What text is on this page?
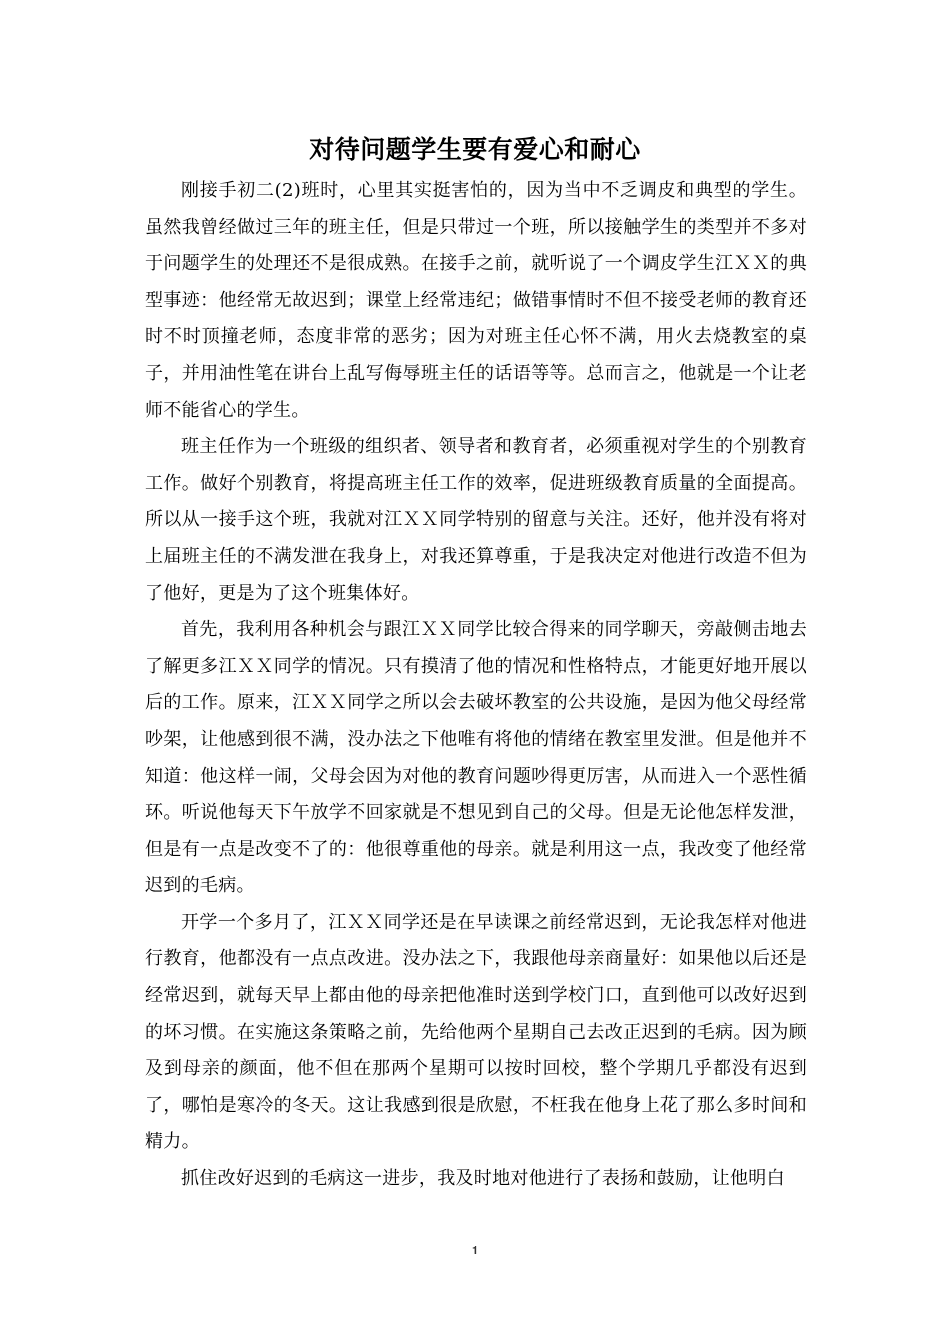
对待问题学生要有爱心和耐心

刚接手初二(2)班时，心里其实挺害怕的，因为当中不乏调皮和典型的学生。虽然我曾经做过三年的班主任，但是只带过一个班，所以接触学生的类型并不多对于问题学生的处理还不是很成熟。在接手之前，就听说了一个调皮学生江ＸＸ的典型事迹：他经常无故迟到；课堂上经常违纪；做错事情时不但不接受老师的教育还时不时顶撞老师，态度非常的恶劣；因为对班主任心怀不满，用火去烧教室的桌子，并用油性笔在讲台上乱写侮辱班主任的话语等等。总而言之，他就是一个让老师不能省心的学生。

班主任作为一个班级的组织者、领导者和教育者，必须重视对学生的个别教育工作。做好个别教育，将提高班主任工作的效率，促进班级教育质量的全面提高。所以从一接手这个班，我就对江ＸＸ同学特别的留意与关注。还好，他并没有将对上届班主任的不满发泄在我身上，对我还算尊重，于是我决定对他进行改造不但为了他好，更是为了这个班集体好。

首先，我利用各种机会与跟江ＸＸ同学比较合得来的同学聊天，旁敲侧击地去了解更多江ＸＸ同学的情况。只有摸清了他的情况和性格特点，才能更好地开展以后的工作。原来，江ＸＸ同学之所以会去破坏教室的公共设施，是因为他父母经常吵架，让他感到很不满，没办法之下他唯有将他的情绪在教室里发泄。但是他并不知道：他这样一闹，父母会因为对他的教育问题吵得更厉害，从而进入一个恶性循环。听说他每天下午放学不回家就是不想见到自己的父母。但是无论他怎样发泄，但是有一点是改变不了的：他很尊重他的母亲。就是利用这一点，我改变了他经常迟到的毛病。

开学一个多月了，江ＸＸ同学还是在早读课之前经常迟到，无论我怎样对他进行教育，他都没有一点点改进。没办法之下，我跟他母亲商量好：如果他以后还是经常迟到，就每天早上都由他的母亲把他准时送到学校门口，直到他可以改好迟到的坏习惯。在实施这条策略之前，先给他两个星期自己去改正迟到的毛病。因为顾及到母亲的颜面，他不但在那两个星期可以按时回校，整个学期几乎都没有迟到了，哪怕是寒冷的冬天。这让我感到很是欣慰，不枉我在他身上花了那么多时间和精力。

抓住改好迟到的毛病这一进步，我及时地对他进行了表扬和鼓励，让他明白

𝟏
